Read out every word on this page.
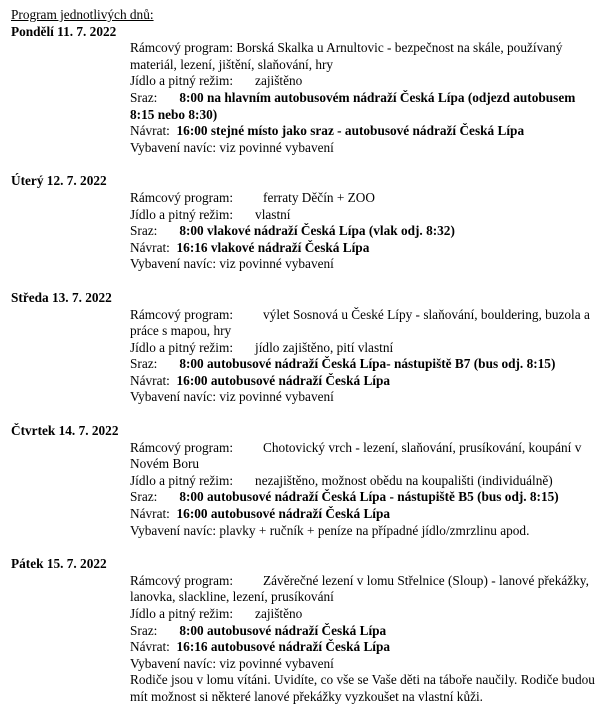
Program jednotlivých dnů:
Pondělí 11. 7. 2022
Rámcový program: Borská Skalka u Arnultovic - bezpečnost na skále, používaný materiál, lezení, jištění, slaňování, hry
Jídlo a pitný režim: zajištěno
Sraz: 8:00 na hlavním autobusovém nádraží Česká Lípa (odjezd autobusem 8:15 nebo 8:30)
Návrat: 16:00 stejné místo jako sraz - autobusové nádraží Česká Lípa
Vybavení navíc: viz povinné vybavení
Úterý 12. 7. 2022
Rámcový program: ferraty Děčín + ZOO
Jídlo a pitný režim: vlastní
Sraz: 8:00 vlakové nádraží Česká Lípa (vlak odj. 8:32)
Návrat: 16:16 vlakové nádraží Česká Lípa
Vybavení navíc: viz povinné vybavení
Středa 13. 7. 2022
Rámcový program: výlet Sosnová u České Lípy - slaňování, bouldering, buzola a práce s mapou, hry
Jídlo a pitný režim: jídlo zajištěno, pití vlastní
Sraz: 8:00 autobusové nádraží Česká Lípa- nástupiště B7 (bus odj. 8:15)
Návrat: 16:00 autobusové nádraží Česká Lípa
Vybavení navíc: viz povinné vybavení
Čtvrtek 14. 7. 2022
Rámcový program: Chotovický vrch - lezení, slaňování, prusíkování, koupání v Novém Boru
Jídlo a pitný režim: nezajištěno, možnost obědu na koupališti (individuálně)
Sraz: 8:00 autobusové nádraží Česká Lípa - nástupiště B5 (bus odj. 8:15)
Návrat: 16:00 autobusové nádraží Česká Lípa
Vybavení navíc: plavky + ručník + peníze na případné jídlo/zmrzlinu apod.
Pátek 15. 7. 2022
Rámcový program: Závěrečné lezení v lomu Střelnice (Sloup) - lanové překážky, lanovka, slackline, lezení, prusíkování
Jídlo a pitný režim: zajištěno
Sraz: 8:00 autobusové nádraží Česká Lípa
Návrat: 16:16 autobusové nádraží Česká Lípa
Vybavení navíc: viz povinné vybavení
Rodiče jsou v lomu vítáni. Uvidíte, co vše se Vaše děti na táboře naučily. Rodiče budou mít možnost si některé lanové překážky vyzkoušet na vlastní kůži.
